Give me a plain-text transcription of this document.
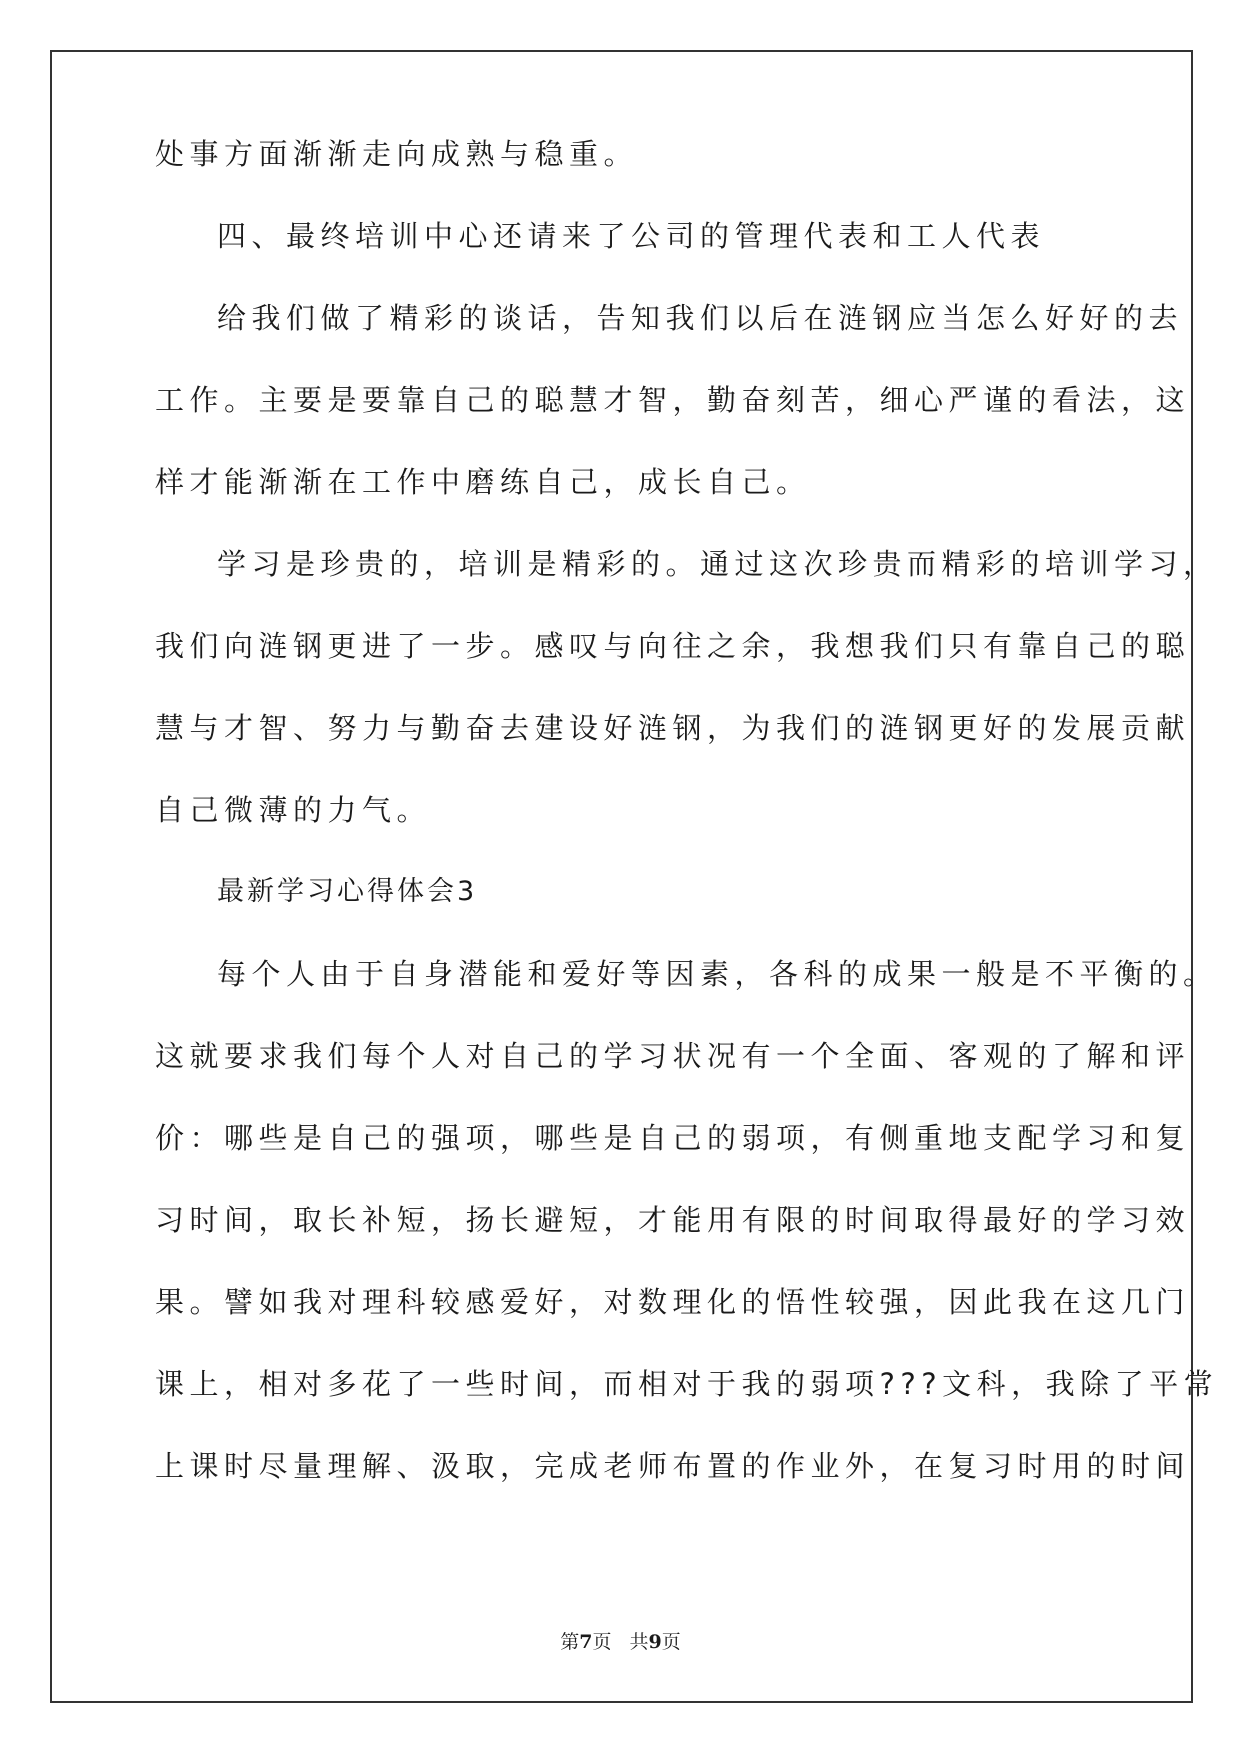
处事方面渐渐走向成熟与稳重。
四、最终培训中心还请来了公司的管理代表和工人代表
给我们做了精彩的谈话，告知我们以后在涟钢应当怎么好好的去
工作。主要是要靠自己的聪慧才智，勤奋刻苦，细心严谨的看法，这
样才能渐渐在工作中磨练自己，成长自己。
学习是珍贵的，培训是精彩的。通过这次珍贵而精彩的培训学习，
我们向涟钢更进了一步。感叹与向往之余，我想我们只有靠自己的聪
慧与才智、努力与勤奋去建设好涟钢，为我们的涟钢更好的发展贡献
自己微薄的力气。
最新学习心得体会3
每个人由于自身潜能和爱好等因素，各科的成果一般是不平衡的。
这就要求我们每个人对自己的学习状况有一个全面、客观的了解和评
价：哪些是自己的强项，哪些是自己的弱项，有侧重地支配学习和复
习时间，取长补短，扬长避短，才能用有限的时间取得最好的学习效
果。譬如我对理科较感爱好，对数理化的悟性较强，因此我在这几门
课上，相对多花了一些时间，而相对于我的弱项???文科，我除了平常
上课时尽量理解、汲取，完成老师布置的作业外，在复习时用的时间
第7页 共9页
